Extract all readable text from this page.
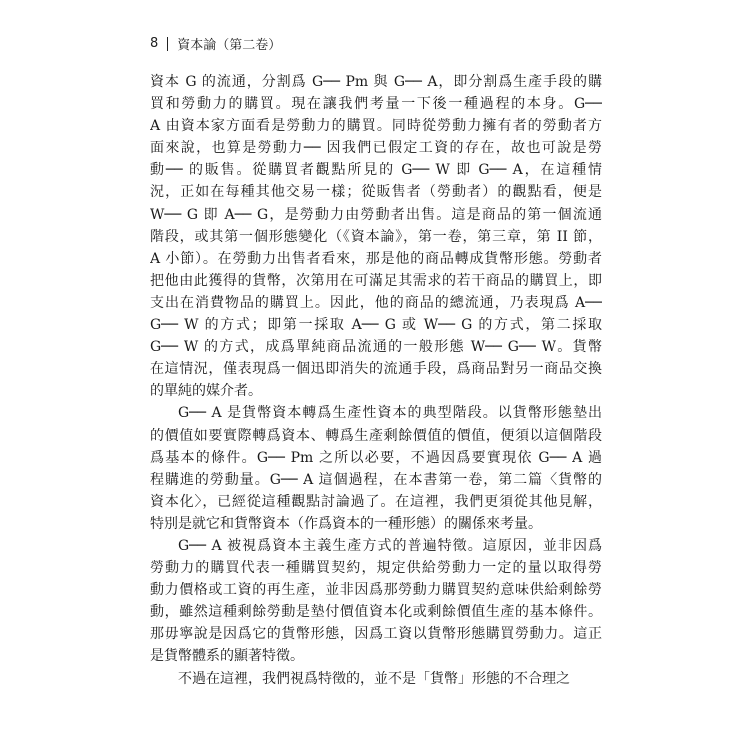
8 資本論（第二卷）
資本 G 的流通，分割爲 G── Pm 與 G── A，即分割爲生產手段的購
買和勞動力的購買。現在讓我們考量一下後一種過程的本身。G──
A 由資本家方面看是勞動力的購買。同時從勞動力擁有者的勞動者方
面來說，也算是勞動力── 因我們已假定工資的存在，故也可說是勞
動── 的販售。從購買者觀點所見的 G── W 即 G── A，在這種情
況，正如在每種其他交易一樣；從販售者（勞動者）的觀點看，便是
W── G 即 A── G，是勞動力由勞動者出售。這是商品的第一個流通
階段，或其第一個形態變化（《資本論》，第一卷，第三章，第 II 節，
A 小節）。在勞動力出售者看來，那是他的商品轉成貨幣形態。勞動者
把他由此獲得的貨幣，次第用在可滿足其需求的若干商品的購買上，即
支出在消費物品的購買上。因此，他的商品的總流通，乃表現爲 A──
G── W 的方式；即第一採取 A── G 或 W── G 的方式，第二採取
G── W 的方式，成爲單純商品流通的一般形態 W── G── W。貨幣
在這情況，僅表現爲一個迅即消失的流通手段，爲商品對另一商品交換
的單純的媒介者。
G── A 是貨幣資本轉爲生產性資本的典型階段。以貨幣形態墊出
的價值如要實際轉爲資本、轉爲生產剩餘價值的價值，便須以這個階段
爲基本的條件。G── Pm 之所以必要，不過因爲要實現依 G── A 過
程購進的勞動量。G── A 這個過程，在本書第一卷，第二篇〈貨幣的
資本化〉，已經從這種觀點討論過了。在這裡，我們更須從其他見解，
特別是就它和貨幣資本（作爲資本的一種形態）的關係來考量。
G── A 被視爲資本主義生產方式的普遍特徵。這原因，並非因爲
勞動力的購買代表一種購買契約，規定供給勞動力一定的量以取得勞
動力價格或工資的再生產，並非因爲那勞動力購買契約意味供給剩餘勞
動，雖然這種剩餘勞動是墊付價值資本化或剩餘價值生產的基本條件。
那毋寧說是因爲它的貨幣形態，因爲工資以貨幣形態購買勞動力。這正
是貨幣體系的顯著特徵。
不過在這裡，我們視爲特徵的，並不是「貨幣」形態的不合理之
